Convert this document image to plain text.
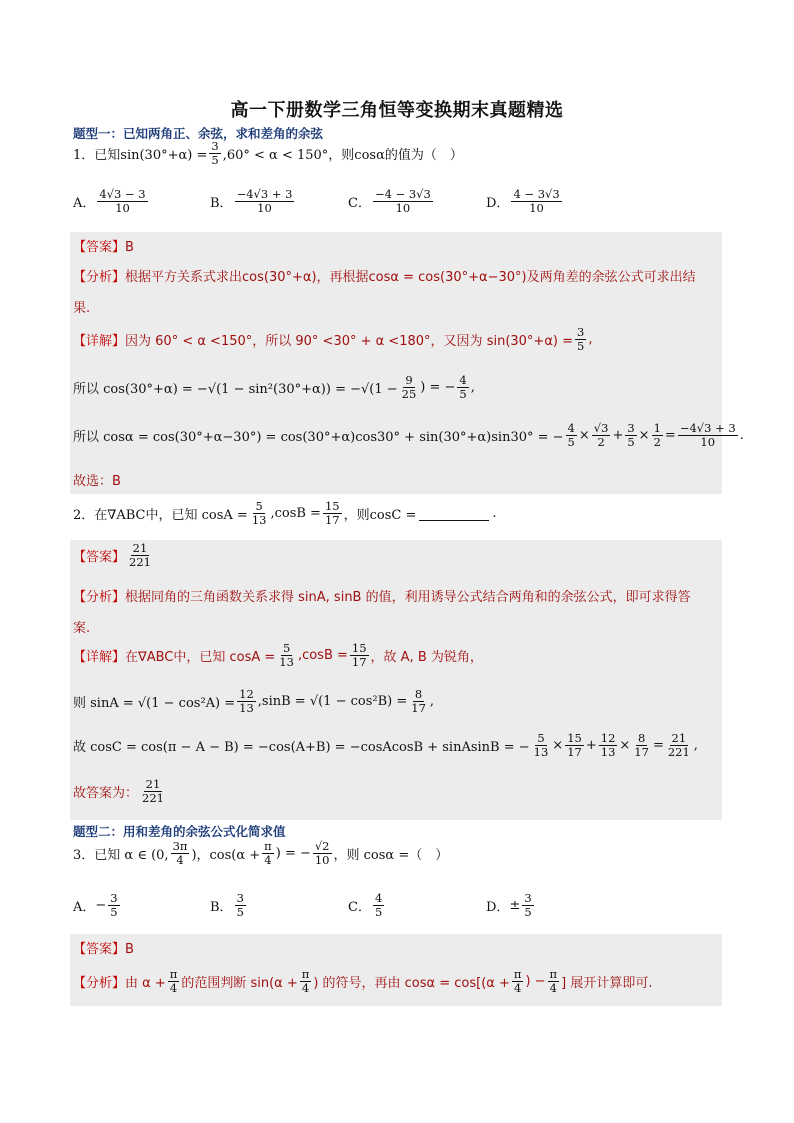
高一下册数学三角恒等变换期末真题精选
题型一：已知两角正、余弦，求和差角的余弦
1． 已知$\sin(30^\circ+\alpha) = \frac{3}{5} ,60^\circ < \alpha < 150^\circ$，则cosα的值为（　）
A． $\frac{4√3 - 3}{10}$	B． $\frac{-4√3 + 3}{10}$	C． $\frac{-4 - 3√3}{10}$	D． $\frac{4 - 3√3}{10}$
【答案】B
【分析】根据平方关系式求出cos(30°+α)，再根据cosα = cos(30°+α−30°)及两角差的余弦公式可求出结
果.
【详解】 因为 60° < α <150°，所以 90° <30° + α <180°，又因为 $\sin(30^\circ+\alpha) = \frac{3}{5}$ ,
所以 $\cos(30^\circ+\alpha) = -√(1 - \sin^2(30^\circ+\alpha)) = -√(1 - \frac{9}{25}$ ) = − $\frac{4}{5}$ ,
所以 cosα = cos(30°+α−30°) = cos(30°+α)cos30° + sin(30°+α)sin30° = − $\frac{4}{5} \times \frac{√3}{2} + \frac{3}{5} \times \frac{1}{2} = \frac{-4√3 + 3}{10}$ .
故选：B
2． 在∇ABC中，已知 $\cos A = \frac{5}{13} ,\cos B = \frac{15}{17}$ ，则cosC =	.
【答案】 $\frac{21}{221}$
【分析】根据同角的三角函数关系求得 sinA, sinB 的值，利用诱导公式结合两角和的余弦公式，即可求得答
案.
【详解】 在∇ABC中，已知 $\cos A = \frac{5}{13} ,\cos B = \frac{15}{17}$ ，故 A, B 为锐角，
则 $\sin A = √(1 - \cos^2A) = \frac{12}{13} ,\sin B = √(1 - \cos^2B) = \frac{8}{17}$ ,
故 cosC = cos(π − A − B) = −cos(A+B) = −cosAcosB + sinAsinB = − $\frac{5}{13} \times \frac{15}{17} + \frac{12}{13} \times \frac{8}{17} = \frac{21}{221}$ ,
故答案为： $\frac{21}{221}$
题型二：用和差角的余弦公式化简求值
3． 已知 α ∈ (0, $\frac{3\pi}{4}$ )，$\cos(\alpha + \frac{\pi}{4}$ ) = − $\frac{√2}{10}$ ，则 cosα =（　）
A． − $\frac{3}{5}$	B． $\frac{3}{5}$	C． $\frac{4}{5}$	D． ± $\frac{3}{5}$
【答案】B
【分析】 由 $\alpha + \frac{\pi}{4}$ 的范围判断 $\sin(\alpha + \frac{\pi}{4}$ ) 的符号，再由 $\cos\alpha = \cos[(\alpha + \frac{\pi}{4}$ ) − $\frac{\pi}{4}$ ] 展开计算即可.
